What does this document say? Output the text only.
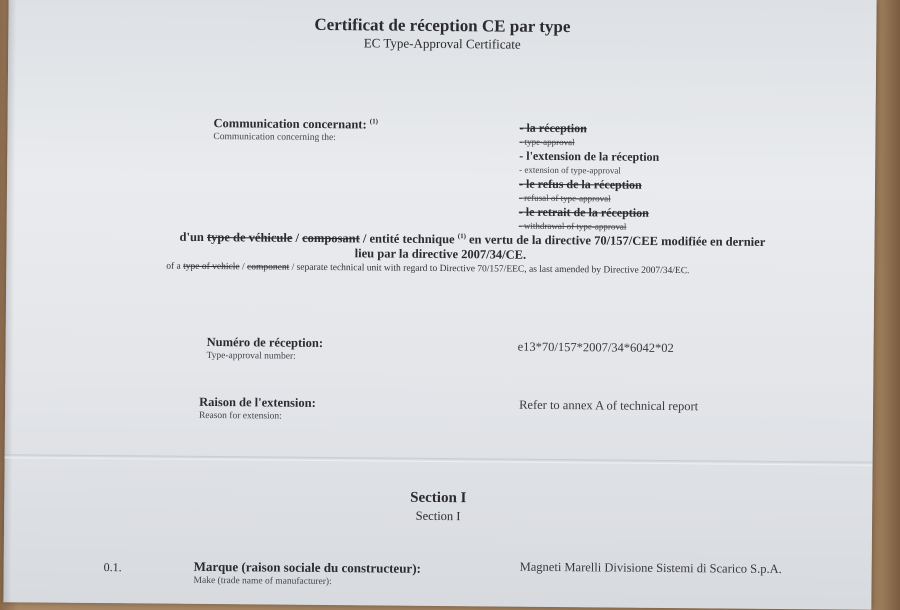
Certificat de réception CE par type
EC Type-Approval Certificate
Communication concernant: $^{(1)}$
Communication concerning the:
- la réception
- type-approval
- l'extension de la réception
- extension of type-approval
- le refus de la réception
- refusal of type-approval
- le retrait de la réception
- withdrawal of type-approval
d'un type de véhicule / composant / entité technique $^{(1)}$ en vertu de la directive 70/157/CEE modifiée en dernier
lieu par la directive 2007/34/CE.
of a type of vehicle / component / separate technical unit with regard to Directive 70/157/EEC, as last amended by Directive 2007/34/EC.
Numéro de réception:
Type-approval number:
e13*70/157*2007/34*6042*02
Raison de l'extension:
Reason for extension:
Refer to annex A of technical report
Section I
Section I
0.1.	Marque (raison sociale du constructeur):
Make (trade name of manufacturer):
Magneti Marelli Divisione Sistemi di Scarico S.p.A.
